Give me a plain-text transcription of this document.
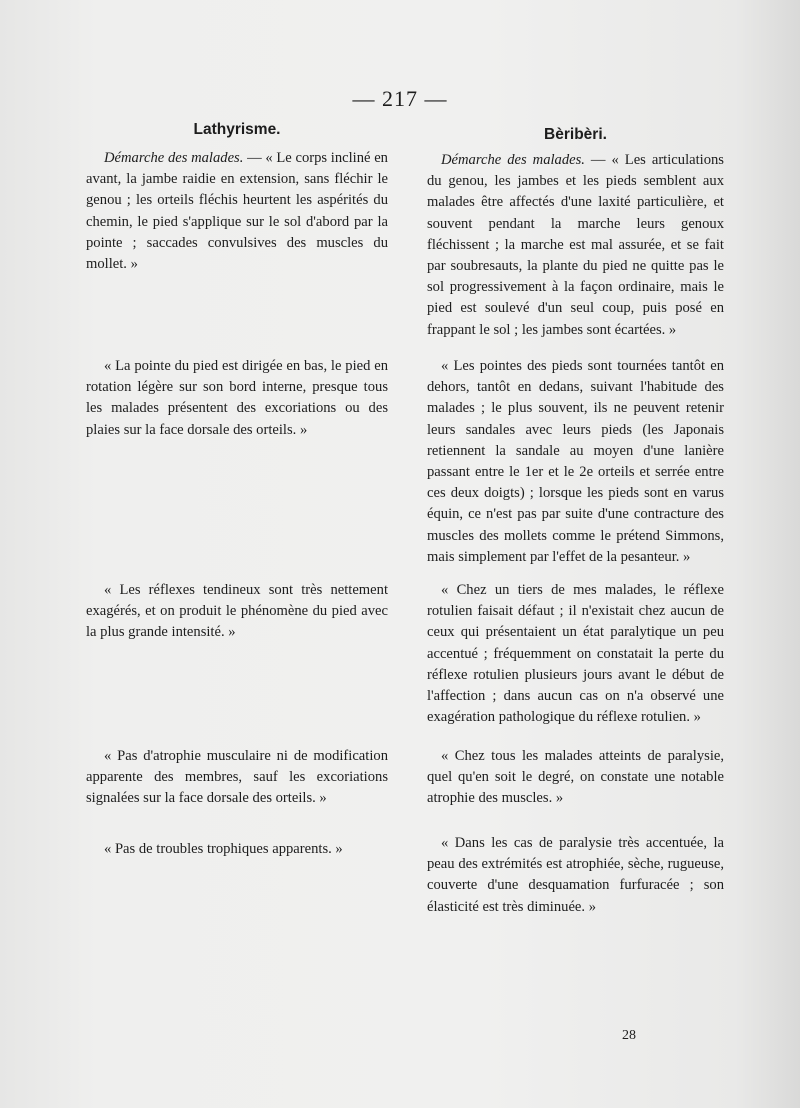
— 217 —
Lathyrisme.

Démarche des malades. — « Le corps incliné en avant, la jambe raidie en extension, sans fléchir le genou ; les orteils fléchis heurtent les aspérités du chemin, le pied s'applique sur le sol d'abord par la pointe ; saccades convulsives des muscles du mollet. »

« La pointe du pied est dirigée en bas, le pied en rotation légère sur son bord interne, presque tous les malades présentent des excoriations ou des plaies sur la face dorsale des orteils. »

« Les réflexes tendineux sont très nettement exagérés, et on produit le phénomène du pied avec la plus grande intensité. »

« Pas d'atrophie musculaire ni de modification apparente des membres, sauf les excoriations signalées sur la face dorsale des orteils. »

« Pas de troubles trophiques apparents. »

Bèribèri.

Démarche des malades. — « Les articulations du genou, les jambes et les pieds semblent aux malades être affectés d'une laxité particulière, et souvent pendant la marche leurs genoux fléchissent ; la marche est mal assurée, et se fait par soubresauts, la plante du pied ne quitte pas le sol progressivement à la façon ordinaire, mais le pied est soulevé d'un seul coup, puis posé en frappant le sol ; les jambes sont écartées. »

« Les pointes des pieds sont tournées tantôt en dehors, tantôt en dedans, suivant l'habitude des malades ; le plus souvent, ils ne peuvent retenir leurs sandales avec leurs pieds (les Japonais retiennent la sandale au moyen d'une lanière passant entre le 1er et le 2e orteils et serrée entre ces deux doigts) ; lorsque les pieds sont en varus équin, ce n'est pas par suite d'une contracture des muscles des mollets comme le prétend Simmons, mais simplement par l'effet de la pesanteur. »

« Chez un tiers de mes malades, le réflexe rotulien faisait défaut ; il n'existait chez aucun de ceux qui présentaient un état paralytique un peu accentué ; fréquemment on constatait la perte du réflexe rotulien plusieurs jours avant le début de l'affection ; dans aucun cas on n'a observé une exagération pathologique du réflexe rotulien. »

« Chez tous les malades atteints de paralysie, quel qu'en soit le degré, on constate une notable atrophie des muscles. »

« Dans les cas de paralysie très accentuée, la peau des extrémités est atrophiée, sèche, rugueuse, couverte d'une desquamation furfuracée ; son élasticité est très diminuée. »

28
